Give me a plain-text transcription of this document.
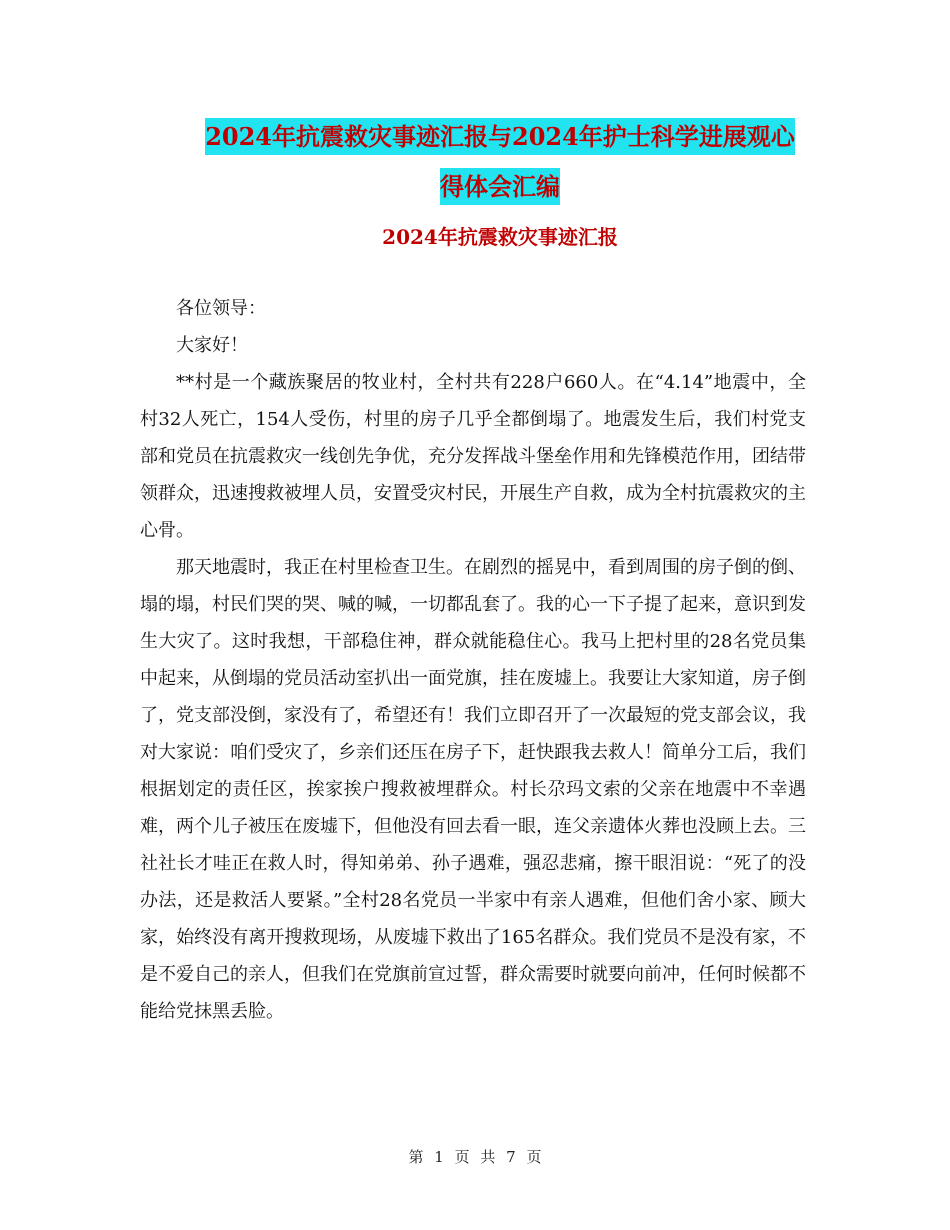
2024年抗震救灾事迹汇报与2024年护士科学进展观心
得体会汇编
2024年抗震救灾事迹汇报

各位领导：

大家好！

**村是一个藏族聚居的牧业村，全村共有228户660人。在“4.14”地震中，全村32人死亡，154人受伤，村里的房子几乎全都倒塌了。地震发生后，我们村党支部和党员在抗震救灾一线创先争优，充分发挥战斗堡垒作用和先锋模范作用，团结带领群众，迅速搜救被埋人员，安置受灾村民，开展生产自救，成为全村抗震救灾的主心骨。

那天地震时，我正在村里检查卫生。在剧烈的摇晃中，看到周围的房子倒的倒、塌的塌，村民们哭的哭、喊的喊，一切都乱套了。我的心一下子提了起来，意识到发生大灾了。这时我想，干部稳住神，群众就能稳住心。我马上把村里的28名党员集中起来，从倒塌的党员活动室扒出一面党旗，挂在废墟上。我要让大家知道，房子倒了，党支部没倒，家没有了，希望还有！我们立即召开了一次最短的党支部会议，我对大家说：咱们受灾了，乡亲们还压在房子下，赶快跟我去救人！简单分工后，我们根据划定的责任区，挨家挨户搜救被埋群众。村长尕玛文索的父亲在地震中不幸遇难，两个儿子被压在废墟下，但他没有回去看一眼，连父亲遗体火葬也没顾上去。三社社长才哇正在救人时，得知弟弟、孙子遇难，强忍悲痛，擦干眼泪说：“死了的没办法，还是救活人要紧。”全村28名党员一半家中有亲人遇难，但他们舍小家、顾大家，始终没有离开搜救现场，从废墟下救出了165名群众。我们党员不是没有家，不是不爱自己的亲人，但我们在党旗前宣过誓，群众需要时就要向前冲，任何时候都不能给党抹黑丢脸。

第 1 页 共 7 页
